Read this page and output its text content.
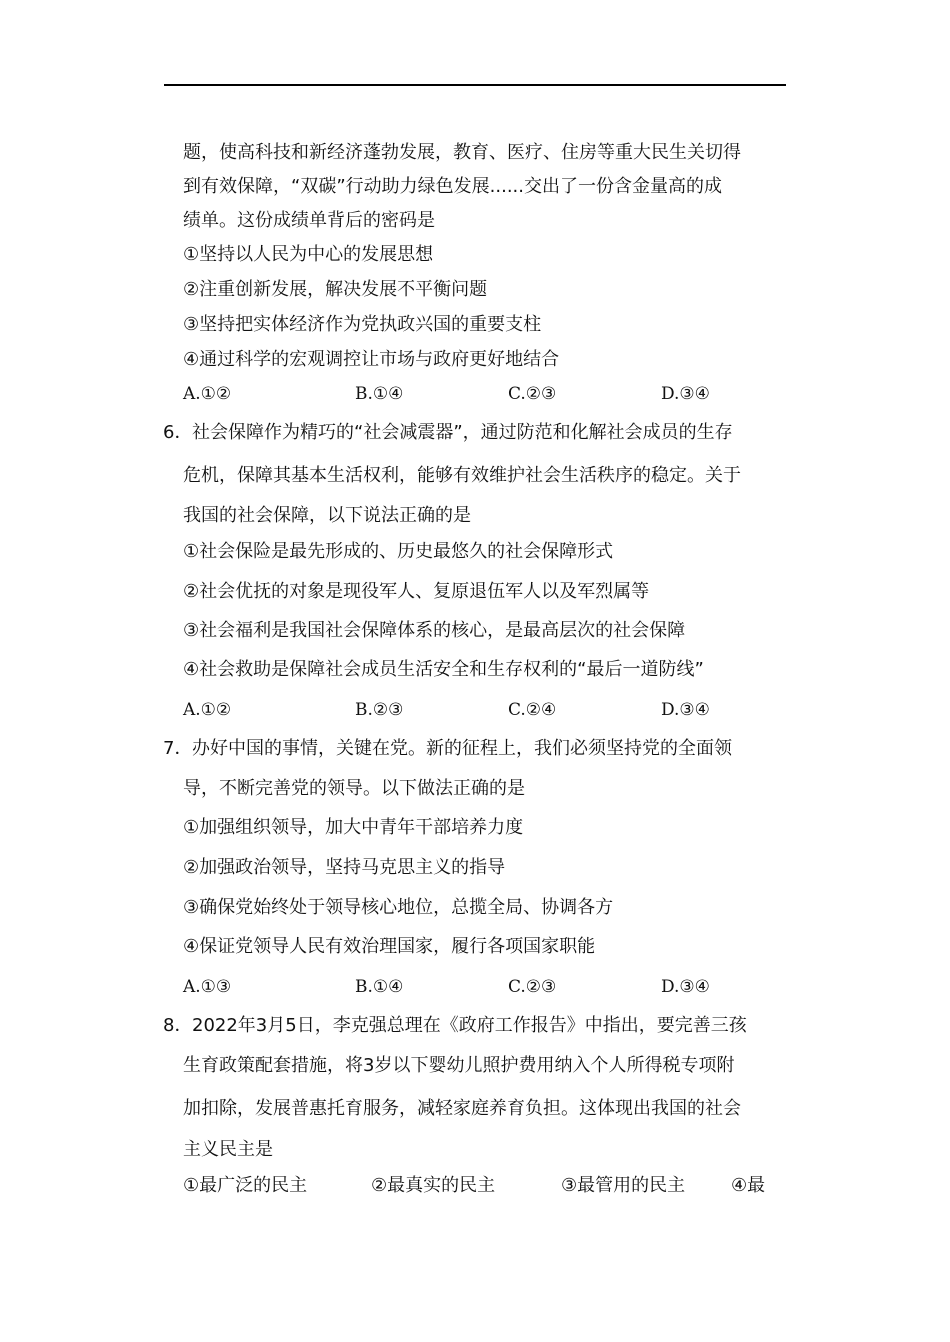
题，使高科技和新经济蓬勃发展，教育、医疗、住房等重大民生关切得
到有效保障，“双碳”行动助力绿色发展......交出了一份含金量高的成
绩单。这份成绩单背后的密码是
①坚持以人民为中心的发展思想
②注重创新发展，解决发展不平衡问题
③坚持把实体经济作为党执政兴国的重要支柱
④通过科学的宏观调控让市场与政府更好地结合
A.①②	B.①④	C.②③	D.③④
6． 社会保障作为精巧的“社会减震器”，通过防范和化解社会成员的生存
危机，保障其基本生活权利，能够有效维护社会生活秩序的稳定。关于
我国的社会保障，以下说法正确的是
①社会保险是最先形成的、历史最悠久的社会保障形式
②社会优抚的对象是现役军人、复原退伍军人以及军烈属等
③社会福利是我国社会保障体系的核心，是最高层次的社会保障
④社会救助是保障社会成员生活安全和生存权利的“最后一道防线”
A.①②	B.②③	C.②④	D.③④
7． 办好中国的事情，关键在党。新的征程上，我们必须坚持党的全面领
导，不断完善党的领导。以下做法正确的是
①加强组织领导，加大中青年干部培养力度
②加强政治领导，坚持马克思主义的指导
③确保党始终处于领导核心地位，总揽全局、协调各方
④保证党领导人民有效治理国家，履行各项国家职能
A.①③	B.①④	C.②③	D.③④
8． 2022年3月5日，李克强总理在《政府工作报告》中指出，要完善三孩
生育政策配套措施，将3岁以下婴幼儿照护费用纳入个人所得税专项附
加扣除，发展普惠托育服务，减轻家庭养育负担。这体现出我国的社会
主义民主是
①最广泛的民主	②最真实的民主	③最管用的民主	④最
